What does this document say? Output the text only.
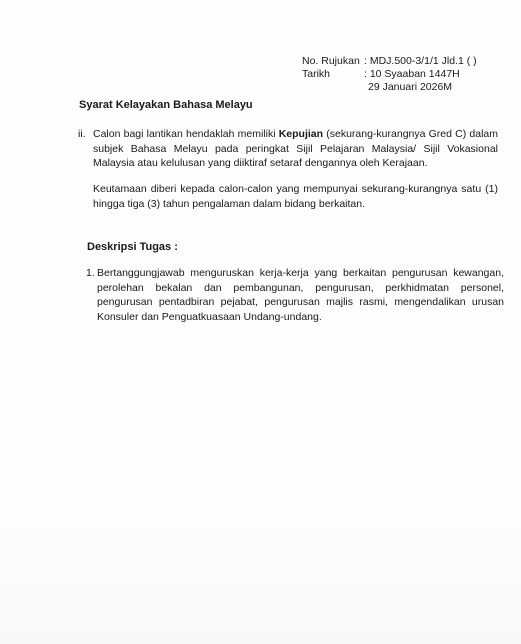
No. Rujukan : MDJ.500-3/1/1 Jld.1 ( )
Tarikh	: 10 Syaaban 1447H
29 Januari 2026M
Syarat Kelayakan Bahasa Melayu
ii. Calon bagi lantikan hendaklah memiliki Kepujian (sekurang-kurangnya Gred C) dalam subjek Bahasa Melayu pada peringkat Sijil Pelajaran Malaysia/ Sijil Vokasional Malaysia atau kelulusan yang diiktiraf setaraf dengannya oleh Kerajaan.
Keutamaan diberi kepada calon-calon yang mempunyai sekurang-kurangnya satu (1) hingga tiga (3) tahun pengalaman dalam bidang berkaitan.
Deskripsi Tugas :
1. Bertanggungjawab menguruskan kerja-kerja yang berkaitan pengurusan kewangan, perolehan bekalan dan pembangunan, pengurusan, perkhidmatan personel, pengurusan pentadbiran pejabat, pengurusan majlis rasmi, mengendalikan urusan Konsuler dan Penguatkuasaan Undang-undang.
